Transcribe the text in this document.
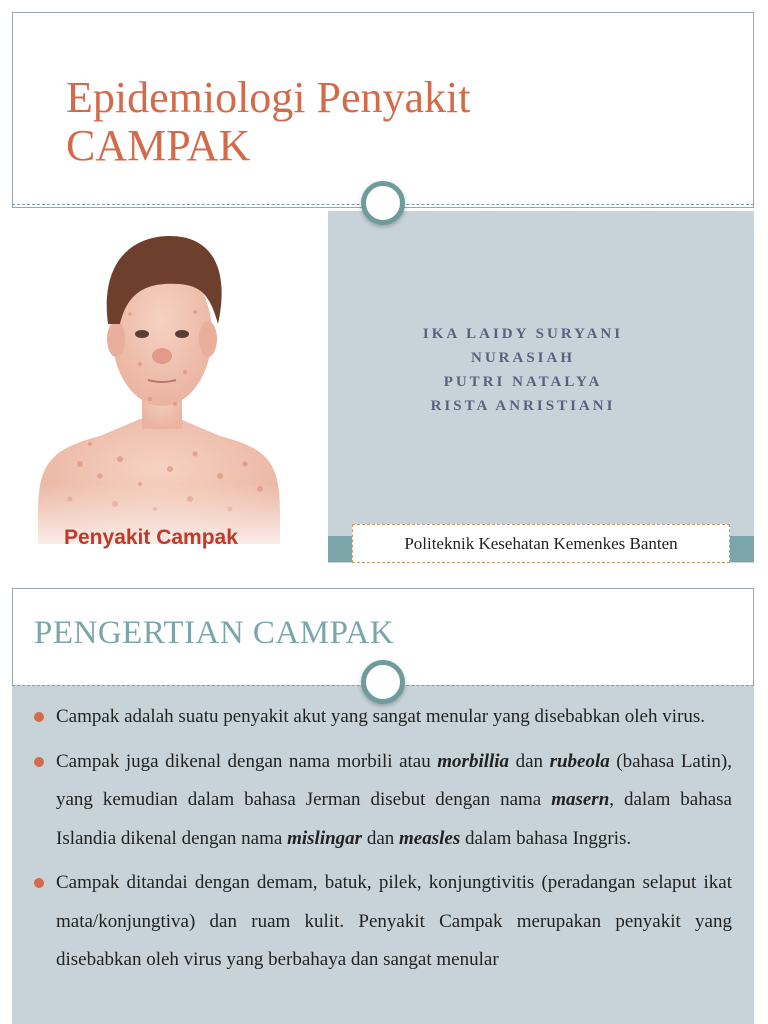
Epidemiologi Penyakit
CAMPAK

Penyakit Campak

IKA LAIDY SURYANI
NURASIAH
PUTRI NATALYA
RISTA ANRISTIANI
Politeknik Kesehatan Kemenkes Banten
PENGERTIAN CAMPAK
Campak adalah suatu penyakit akut yang sangat menular yang disebabkan oleh virus.
Campak juga dikenal dengan nama morbili atau morbillia dan rubeola (bahasa Latin), yang kemudian dalam bahasa Jerman disebut dengan nama masern, dalam bahasa Islandia dikenal dengan nama mislingar dan measles dalam bahasa Inggris.
Campak ditandai dengan demam, batuk, pilek, konjungtivitis (peradangan selaput ikat mata/konjungtiva) dan ruam kulit. Penyakit Campak merupakan penyakit yang disebabkan oleh virus yang berbahaya dan sangat menular
